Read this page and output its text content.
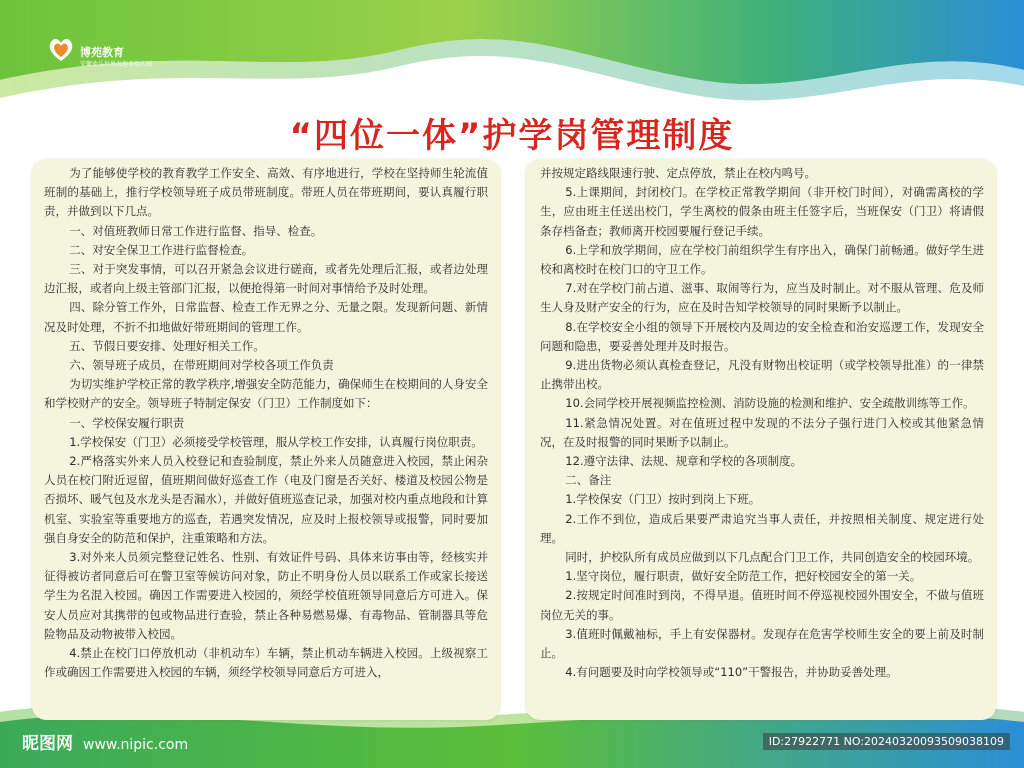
博苑教育
安徽欢乐世界海地亚幼儿园
“四位一体”护学岗管理制度

为了能够使学校的教育教学工作安全、高效、有序地进行，学校在坚持师生轮流值班制的基础上，推行学校领导班子成员带班制度。带班人员在带班期间，要认真履行职责，并做到以下几点。

一、对值班教师日常工作进行监督、指导、检查。

二、对安全保卫工作进行监督检查。

三、对于突发事情，可以召开紧急会议进行磋商，或者先处理后汇报，或者边处理边汇报，或者向上级主管部门汇报，以便抢得第一时间对事情给予及时处理。

四、除分管工作外，日常监督、检查工作无界之分、无量之限。发现新问题、新情况及时处理，不折不扣地做好带班期间的管理工作。

五、节假日要安排、处理好相关工作。

六、领导班子成员，在带班期间对学校各项工作负责

为切实维护学校正常的教学秩序,增强安全防范能力，确保师生在校期间的人身安全和学校财产的安全。领导班子特制定保安（门卫）工作制度如下：

一、学校保安履行职责

1.学校保安（门卫）必须接受学校管理，服从学校工作安排，认真履行岗位职责。

2.严格落实外来人员入校登记和查验制度，禁止外来人员随意进入校园，禁止闲杂人员在校门附近逗留，值班期间做好巡查工作（电及门窗是否关好、楼道及校园公物是否损坏、暖气包及水龙头是否漏水），并做好值班巡查记录，加强对校内重点地段和计算机室、实验室等重要地方的巡查，若遇突发情况，应及时上报校领导或报警，同时要加强自身安全的防范和保护，注重策略和方法。

3.对外来人员须完整登记姓名、性别、有效证件号码、具体来访事由等，经核实并征得被访者同意后可在警卫室等候访问对象，防止不明身份人员以联系工作或家长接送学生为名混入校园。确因工作需要进入校园的，须经学校值班领导同意后方可进入。保安人员应对其携带的包或物品进行查验，禁止各种易燃易爆、有毒物品、管制器具等危险物品及动物被带入校园。

4.禁止在校门口停放机动（非机动车）车辆，禁止机动车辆进入校园。上级视察工作或确因工作需要进入校园的车辆，须经学校领导同意后方可进入，

并按规定路线限速行驶、定点停放，禁止在校内鸣号。

5.上课期间，封闭校门。在学校正常教学期间（非开校门时间），对确需离校的学生，应由班主任送出校门，学生离校的假条由班主任签字后，当班保安（门卫）将请假条存档备查；教师离开校园要履行登记手续。

6.上学和放学期间，应在学校门前组织学生有序出入，确保门前畅通。做好学生进校和离校时在校门口的守卫工作。

7.对在学校门前占道、滋事、取闹等行为，应当及时制止。对不服从管理、危及师生人身及财产安全的行为，应在及时告知学校领导的同时果断予以制止。

8.在学校安全小组的领导下开展校内及周边的安全检查和治安巡逻工作，发现安全问题和隐患，要妥善处理并及时报告。

9.进出货物必须认真检查登记，凡没有财物出校证明（或学校领导批准）的一律禁止携带出校。

10.会同学校开展视频监控检测、消防设施的检测和维护、安全疏散训练等工作。

11.紧急情况处置。对在值班过程中发现的不法分子强行进门入校或其他紧急情况，在及时报警的同时果断予以制止。

12.遵守法律、法规、规章和学校的各项制度。

二、备注

1.学校保安（门卫）按时到岗上下班。

2.工作不到位，造成后果要严肃追究当事人责任，并按照相关制度、规定进行处理。

同时，护校队所有成员应做到以下几点配合门卫工作，共同创造安全的校园环境。

1.坚守岗位，履行职责，做好安全防范工作，把好校园安全的第一关。

2.按规定时间准时到岗，不得早退。值班时间不停巡视校园外围安全，不做与值班岗位无关的事。

3.值班时佩戴袖标，手上有安保器材。发现存在危害学校师生安全的要上前及时制止。

4.有问题要及时向学校领导或“110”干警报告，并协助妥善处理。

昵图网 www.nipic.com	ID:27922771 NO:20240320093509038109
